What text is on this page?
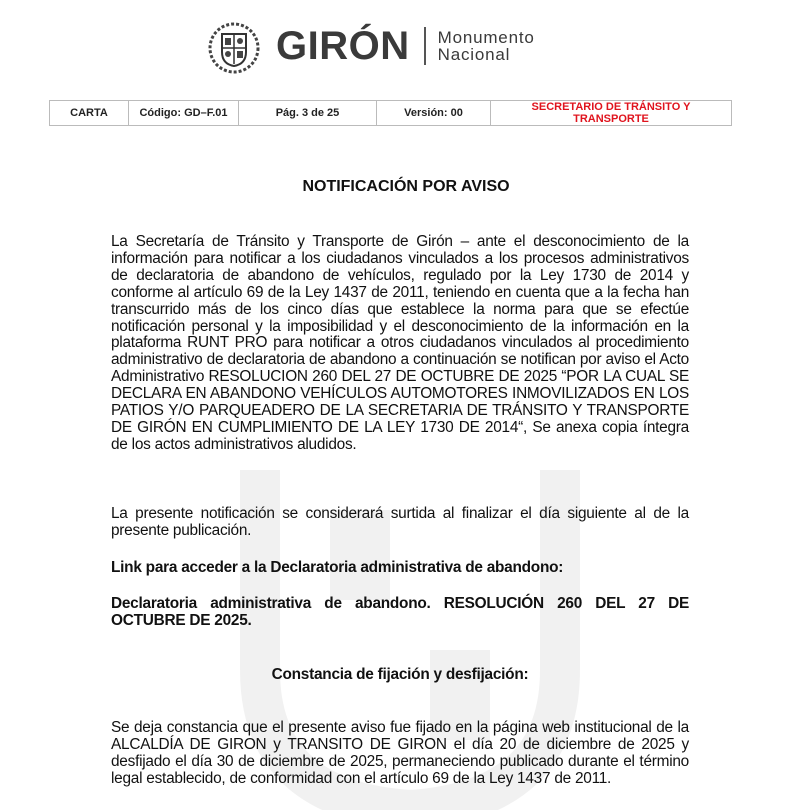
GIRÓN Monumento
Nacional
CARTA	Código: GD–F.01	Pág. 3 de 25	Versión: 00	SECRETARIO DE TRÁNSITO Y TRANSPORTE
NOTIFICACIÓN POR AVISO
La Secretaría de Tránsito y Transporte de Girón – ante el desconocimiento de la información para notificar a los ciudadanos vinculados a los procesos administrativos de declaratoria de abandono de vehículos, regulado por la Ley 1730 de 2014 y conforme al artículo 69 de la Ley 1437 de 2011, teniendo en cuenta que a la fecha han transcurrido más de los cinco días que establece la norma para que se efectúe notificación personal y la imposibilidad y el desconocimiento de la información en la plataforma RUNT PRO para notificar a otros ciudadanos vinculados al procedimiento administrativo de declaratoria de abandono a continuación se notifican por aviso el Acto Administrativo RESOLUCION 260 DEL 27 DE OCTUBRE DE 2025 “POR LA CUAL SE DECLARA EN ABANDONO VEHÍCULOS AUTOMOTORES INMOVILIZADOS EN LOS PATIOS Y/O PARQUEADERO DE LA SECRETARIA DE TRÁNSITO Y TRANSPORTE DE GIRÓN EN CUMPLIMIENTO DE LA LEY 1730 DE 2014“, Se anexa copia íntegra de los actos administrativos aludidos.
La presente notificación se considerará surtida al finalizar el día siguiente al de la presente publicación.
Link para acceder a la Declaratoria administrativa de abandono:
Declaratoria administrativa de abandono. RESOLUCIÓN 260 DEL 27 DE OCTUBRE DE 2025.
Constancia de fijación y desfijación:
Se deja constancia que el presente aviso fue fijado en la página web institucional de la ALCALDÍA DE GIRON y TRANSITO DE GIRON el día 20 de diciembre de 2025 y desfijado el día 30 de diciembre de 2025, permaneciendo publicado durante el término legal establecido, de conformidad con el artículo 69 de la Ley 1437 de 2011.
